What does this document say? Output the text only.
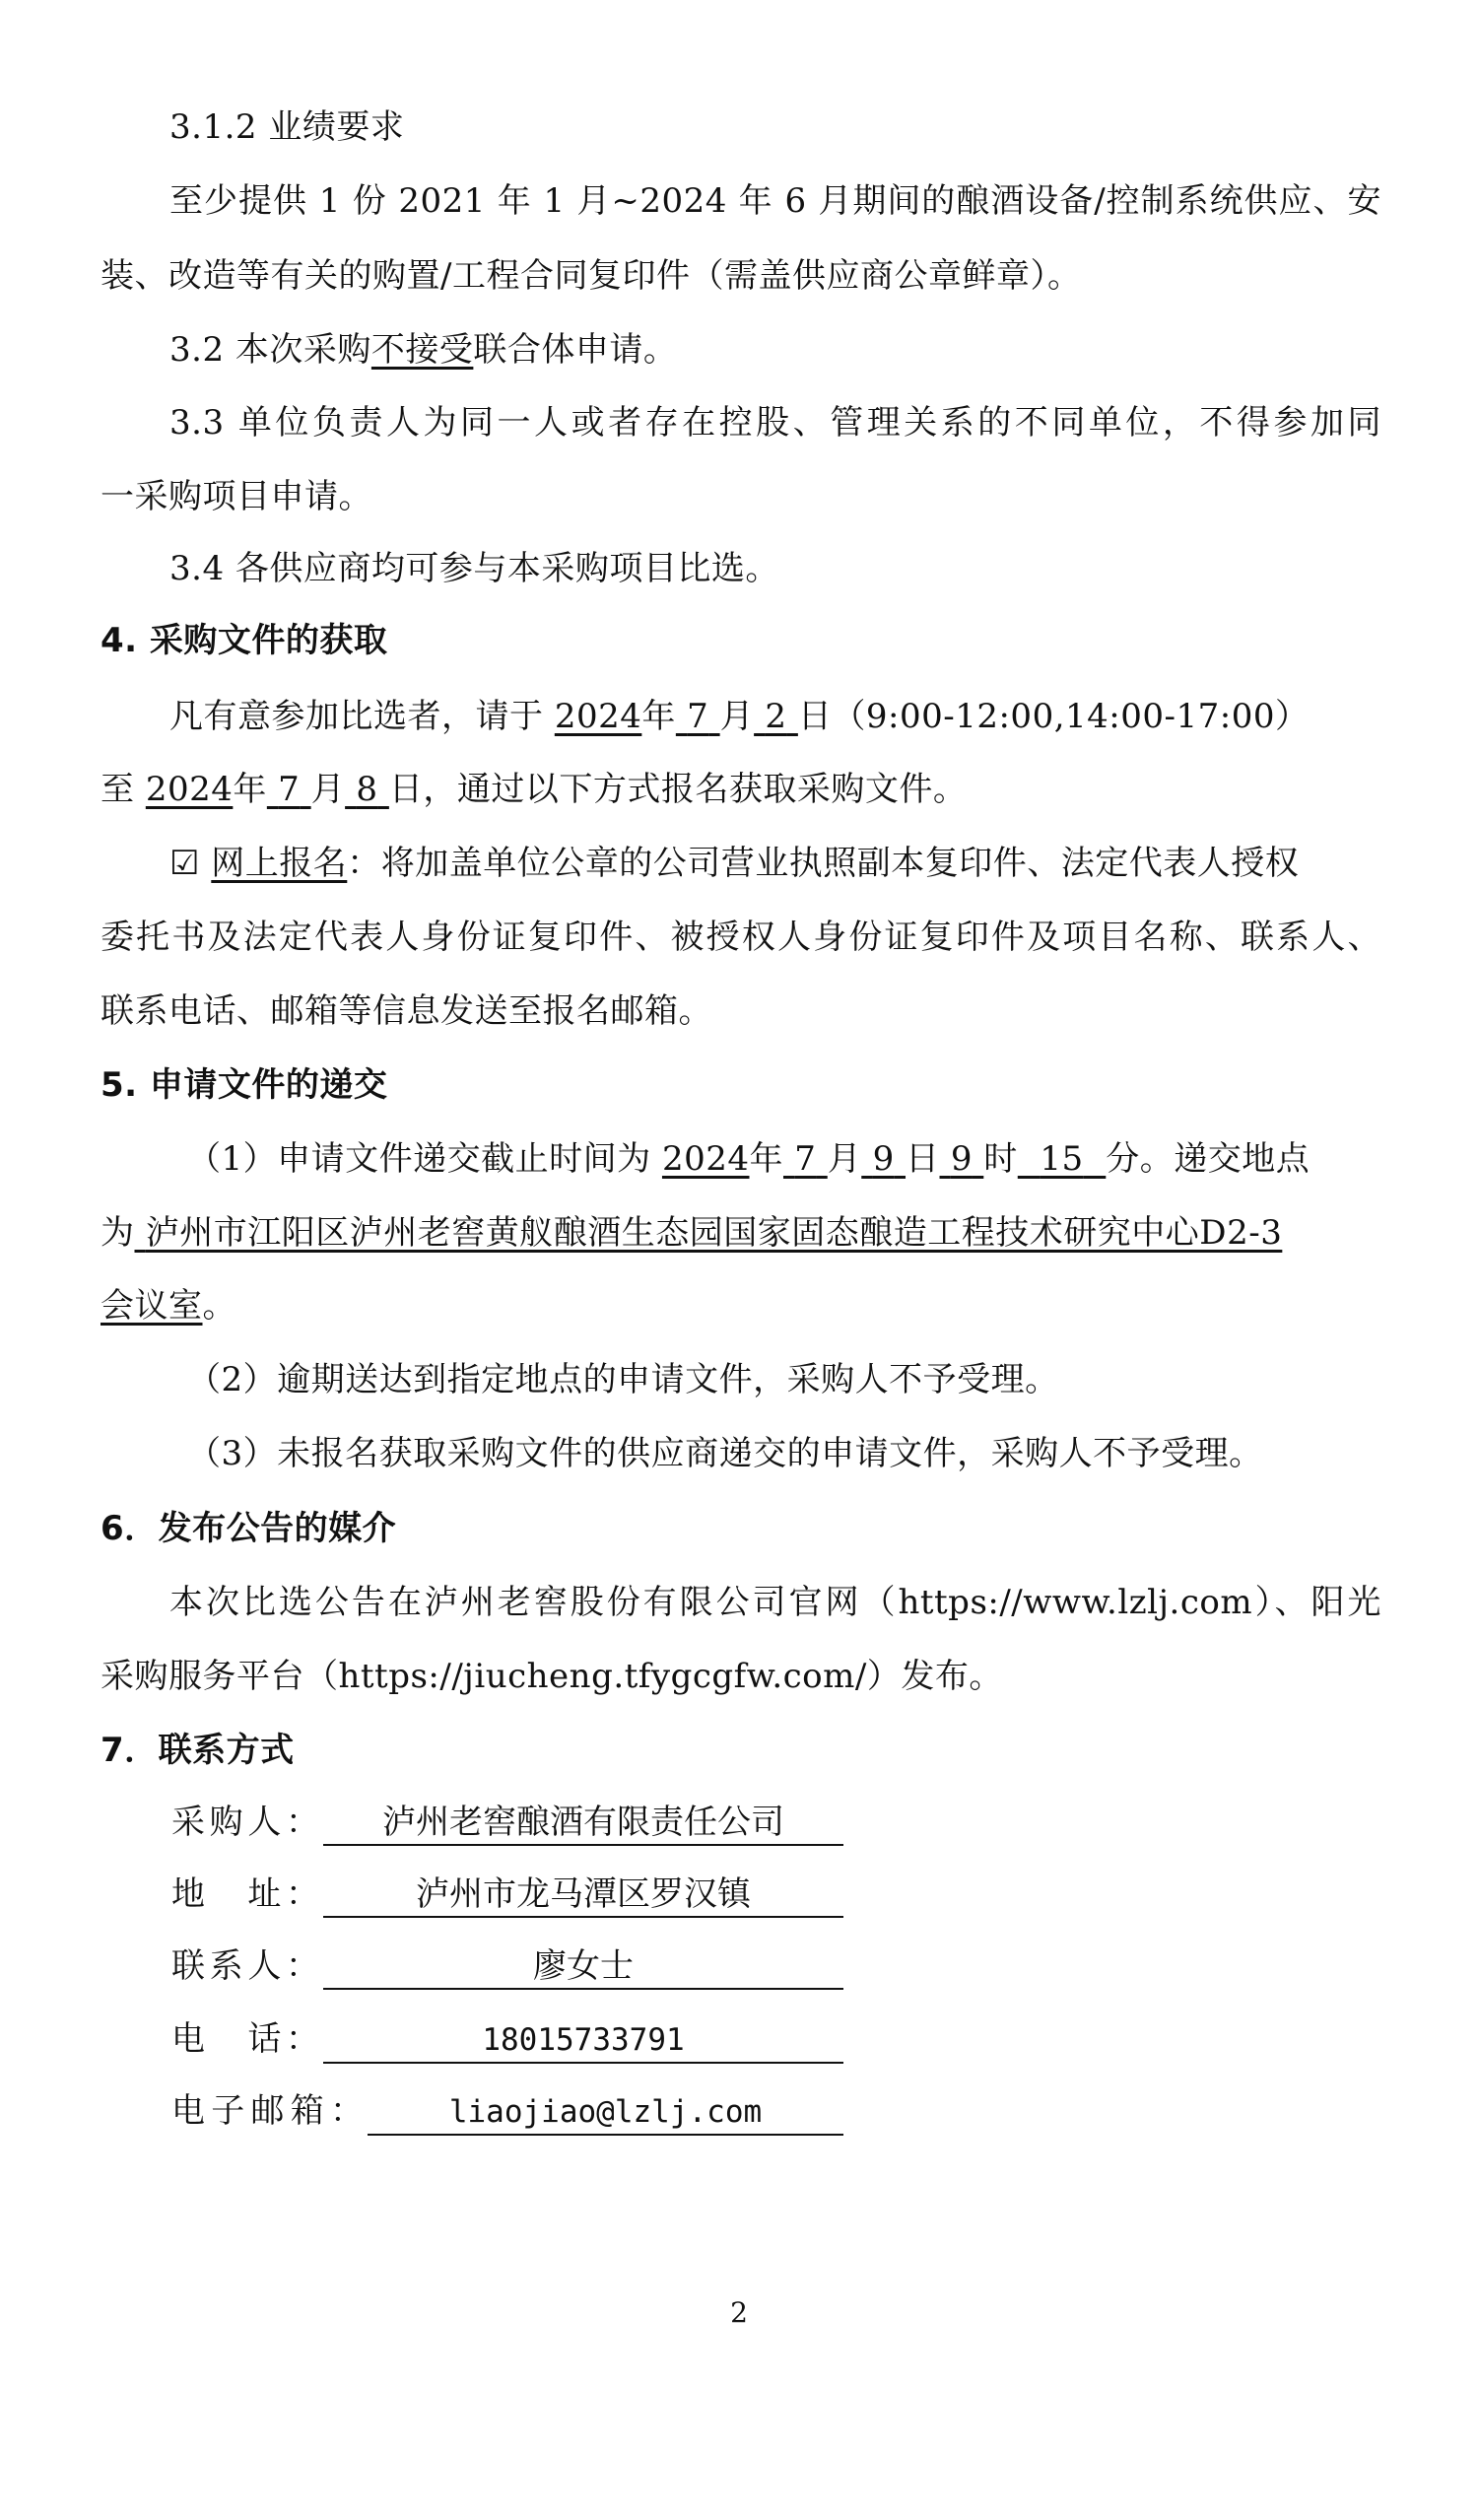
3.1.2 业绩要求
至少提供 1 份 2021 年 1 月~2024 年 6 月期间的酿酒设备/控制系统供应、安
装、改造等有关的购置/工程合同复印件（需盖供应商公章鲜章）。
3.2 本次采购不接受联合体申请。
3.3 单位负责人为同一人或者存在控股、管理关系的不同单位，不得参加同
一采购项目申请。
3.4 各供应商均可参与本采购项目比选。
4. 采购文件的获取
凡有意参加比选者，请于 2024年 7 月 2 日（9:00-12:00,14:00-17:00）
至 2024年 7 月 8 日，通过以下方式报名获取采购文件。
☑ 网上报名：将加盖单位公章的公司营业执照副本复印件、法定代表人授权
委托书及法定代表人身份证复印件、被授权人身份证复印件及项目名称、联系人、
联系电话、邮箱等信息发送至报名邮箱。
5. 申请文件的递交
（1）申请文件递交截止时间为 2024年 7 月 9 日 9 时 15 分。递交地点
为 泸州市江阳区泸州老窖黄舣酿酒生态园国家固态酿造工程技术研究中心D2-3
会议室。
（2）逾期送达到指定地点的申请文件，采购人不予受理。
（3）未报名获取采购文件的供应商递交的申请文件，采购人不予受理。
6．发布公告的媒介
本次比选公告在泸州老窖股份有限公司官网（https://www.lzlj.com）、阳光
采购服务平台（https://jiucheng.tfygcgfw.com/）发布。
7．联系方式
采购人： 泸州老窖酿酒有限责任公司
地　址：	泸州市龙马潭区罗汉镇
联系人：	廖女士
电　话：	18015733791
电子邮箱：	liaojiao@lzlj.com
2
